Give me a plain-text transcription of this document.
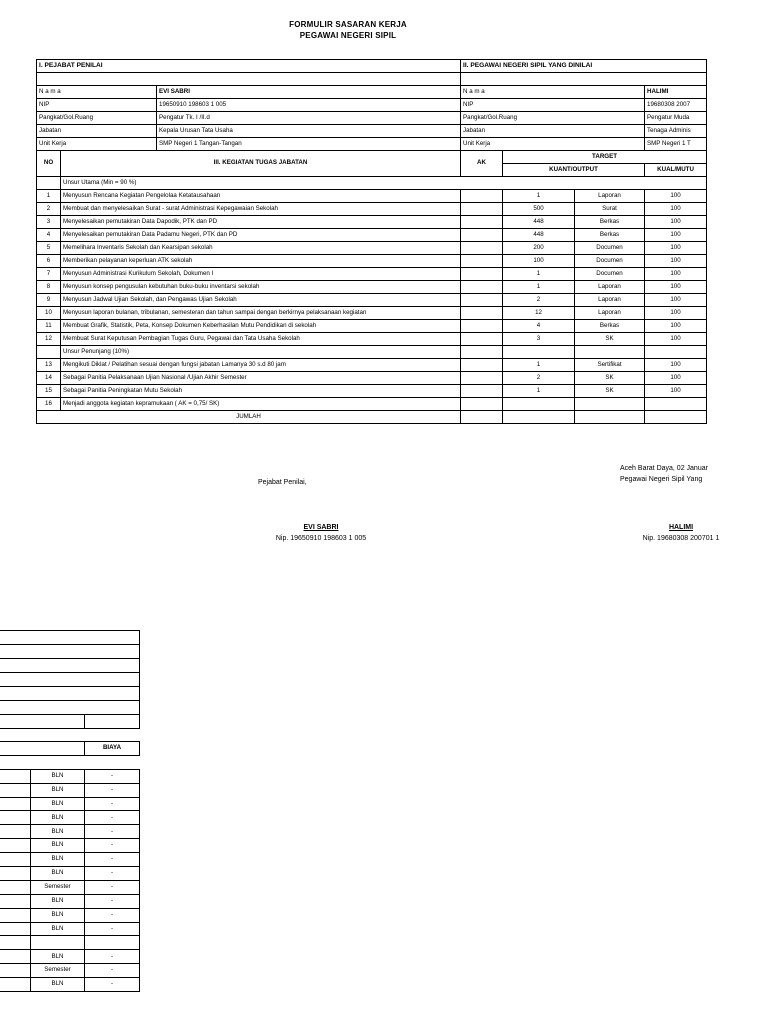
FORMULIR SASARAN KERJA
PEGAWAI NEGERI SIPIL
I. PEJABAT PENILAI			II. PEGAWAI NEGERI SIPIL YANG DINILAI			

N a m a		EVI SABRI	N a m a			HALIMI
NIP		19650910 198603 1 005	NIP			19680308 2007
Pangkat/Gol.Ruang		Pengatur Tk. I /II.d	Pangkat/Gol.Ruang			Pengatur Muda
Jabatan		Kepala Urusan Tata Usaha	Jabatan			Tenaga Adminis
Unit Kerja		SMP Negeri 1 Tangan-Tangan	Unit Kerja			SMP Negeri 1 T
NO	III. KEGIATAN TUGAS JABATAN		AK	TARGET		
				KUANT/OUTPUT		KUAL/MUTU
	Unsur Utama (Min = 90 %)					
1	Menyusun Rencana Kegiatan Pengelolaa Ketatausahaan			1	Laporan	100
2	Membuat dan menyelesaikan Surat - surat Administrasi Kepegawaian Sekolah			500	Surat	100
3	Menyelesaikan pemutakiran Data Dapodik, PTK dan PD			448	Berkas	100
4	Menyelesaikan pemutakiran Data Padamu Negeri, PTK dan PD			448	Berkas	100
5	Memelihara Inventaris Sekolah dan Kearsipan sekolah			200	Documen	100
6	Memberikan pelayanan keperluan ATK sekolah			100	Documen	100
7	Menyusun Administrasi Kurikulum Sekolah, Dokumen I			1	Documen	100
8	Menyusun konsep pengusulan kebutuhan buku-buku inventarsi sekolah			1	Laporan	100
9	Menyusun Jadwal Ujian Sekolah, dan Pengawas Ujian Sekolah			2	Laporan	100
10	Menyusun laporan bulanan, tribulanan, semesteran dan tahun sampai dengan berkirnya pelaksanaan kegiatan			12	Laporan	100
11	Membuat Grafik, Statistik, Peta, Konsep Dokumen Keberhasilan Mutu Pendidikan di sekolah			4	Berkas	100
12	Membuat Surat Keputusan Pembagian Tugas Guru, Pegawai dan Tata Usaha Sekolah			3	SK	100
	Unsur Penunjang (10%)					
13	Mengikuti Diklat / Pelatihan sesuai dengan fungsi jabatan Lamanya 30 s.d 80 jam			1	Sertifikat	100
14	Sebagai Panitia Pelaksanaan Ujian Nasional /Ujian Akhir Semester			2	SK	100
15	Sebagai Panitia Peningkatan Mutu Sekolah			1	SK	100
16	Menjadi anggota kegiatan kepramukaan ( AK = 0,75/ SK)					
JUMLAH						
Pejabat Penilai,
EVI SABRI
Nip. 19650910 198603 1 005
Aceh Barat Daya, 02 Januar
Pegawai Negeri Sipil Yang
HALIMI
Nip. 19680308 200701 1

	BIAYA	

	BLN	-	
	BLN	-	
	BLN	-	
	BLN	-	
	BLN	-	
	BLN	-	
	BLN	-	
	BLN	-	
	Semester	-	
	BLN	-	
	BLN	-	
	BLN	-	

	BLN	-	
	Semester	-	
	BLN	-	
